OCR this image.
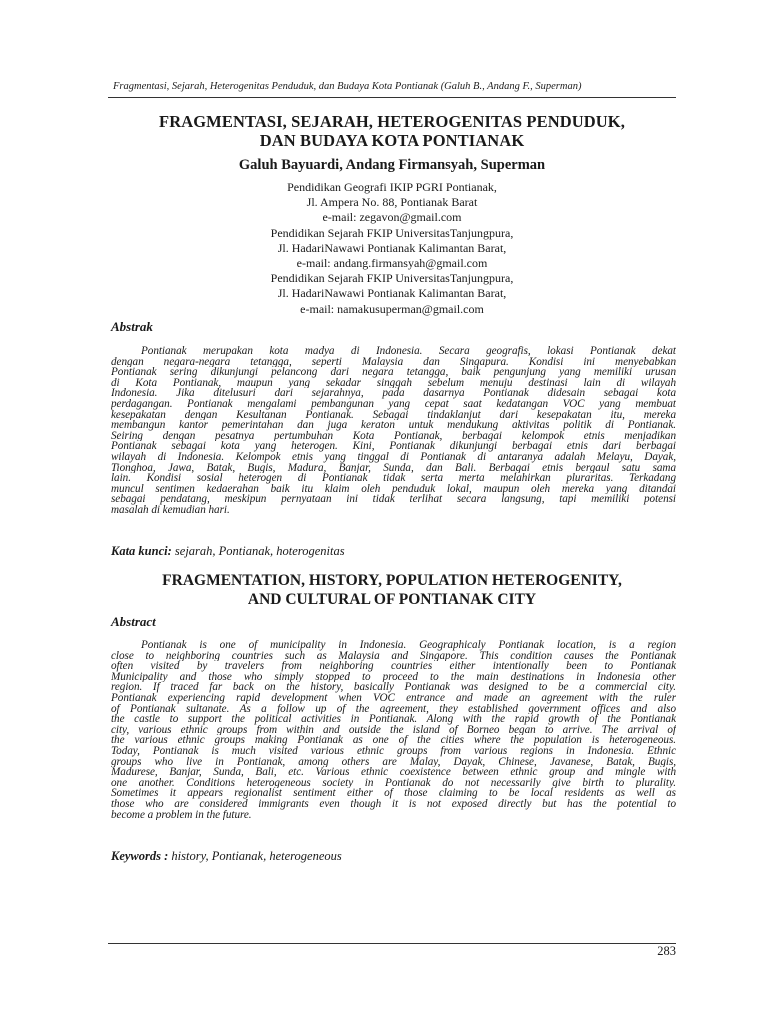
Fragmentasi, Sejarah, Heterogenitas Penduduk, dan Budaya Kota Pontianak (Galuh B., Andang F., Superman)
FRAGMENTASI, SEJARAH, HETEROGENITAS PENDUDUK,
DAN BUDAYA KOTA PONTIANAK
Galuh Bayuardi, Andang Firmansyah, Superman
Pendidikan Geografi IKIP PGRI Pontianak,
Jl. Ampera No. 88, Pontianak Barat
e-mail: zegavon@gmail.com
Pendidikan Sejarah FKIP UniversitasTanjungpura,
Jl. HadariNawawi Pontianak Kalimantan Barat,
e-mail: andang.firmansyah@gmail.com
Pendidikan Sejarah FKIP UniversitasTanjungpura,
Jl. HadariNawawi Pontianak Kalimantan Barat,
e-mail: namakusuperman@gmail.com
Abstrak
Pontianak merupakan kota madya di Indonesia. Secara geografis, lokasi Pontianak dekat
dengan negara-negara tetangga, seperti Malaysia dan Singapura. Kondisi ini menyebabkan
Pontianak sering dikunjungi pelancong dari negara tetangga, baik pengunjung yang memiliki urusan
di Kota Pontianak, maupun yang sekadar singgah sebelum menuju destinasi lain di wilayah
Indonesia. Jika ditelusuri dari sejarahnya, pada dasarnya Pontianak didesain sebagai kota
perdagangan. Pontianak mengalami pembangunan yang cepat saat kedatangan VOC yang membuat
kesepakatan dengan Kesultanan Pontianak. Sebagai tindaklanjut dari kesepakatan itu, mereka
membangun kantor pemerintahan dan juga keraton untuk mendukung aktivitas politik di Pontianak.
Seiring dengan pesatnya pertumbuhan Kota Pontianak, berbagai kelompok etnis menjadikan
Pontianak sebagai kota yang heterogen. Kini, Pontianak dikunjungi berbagai etnis dari berbagai
wilayah di Indonesia. Kelompok etnis yang tinggal di Pontianak di antaranya adalah Melayu, Dayak,
Tionghoa, Jawa, Batak, Bugis, Madura, Banjar, Sunda, dan Bali. Berbagai etnis bergaul satu sama
lain. Kondisi sosial heterogen di Pontianak tidak serta merta melahirkan pluraritas. Terkadang
muncul sentimen kedaerahan baik itu klaim oleh penduduk lokal, maupun oleh mereka yang ditandai
sebagai pendatang, meskipun pernyataan ini tidak terlihat secara langsung, tapi memiliki potensi
masalah di kemudian hari.
Kata kunci: sejarah, Pontianak, hoterogenitas
FRAGMENTATION, HISTORY, POPULATION HETEROGENITY,
AND CULTURAL OF PONTIANAK CITY
Abstract
Pontianak is one of municipality in Indonesia. Geographicaly Pontianak location, is a region
close to neighboring countries such as Malaysia and Singapore. This condition causes the Pontianak
often visited by travelers from neighboring countries either intentionally been to Pontianak
Municipality and those who simply stopped to proceed to the main destinations in Indonesia other
region. If traced far back on the history, basically Pontianak was designed to be a commercial city.
Pontianak experiencing rapid development when VOC entrance and made an agreement with the ruler
of Pontianak sultanate. As a follow up of the agreement, they established government offices and also
the castle to support the political activities in Pontianak. Along with the rapid growth of the Pontianak
city, various ethnic groups from within and outside the island of Borneo began to arrive. The arrival of
the various ethnic groups making Pontianak as one of the cities where the population is heterogeneous.
Today, Pontianak is much visited various ethnic groups from various regions in Indonesia. Ethnic
groups who live in Pontianak, among others are Malay, Dayak, Chinese, Javanese, Batak, Bugis,
Madurese, Banjar, Sunda, Bali, etc. Various ethnic coexistence between ethnic group and mingle with
one another. Conditions heterogeneous society in Pontianak do not necessarily give birth to plurality.
Sometimes it appears regionalist sentiment either of those claiming to be local residents as well as
those who are considered immigrants even though it is not exposed directly but has the potential to
become a problem in the future.
Keywords : history, Pontianak, heterogeneous
283
